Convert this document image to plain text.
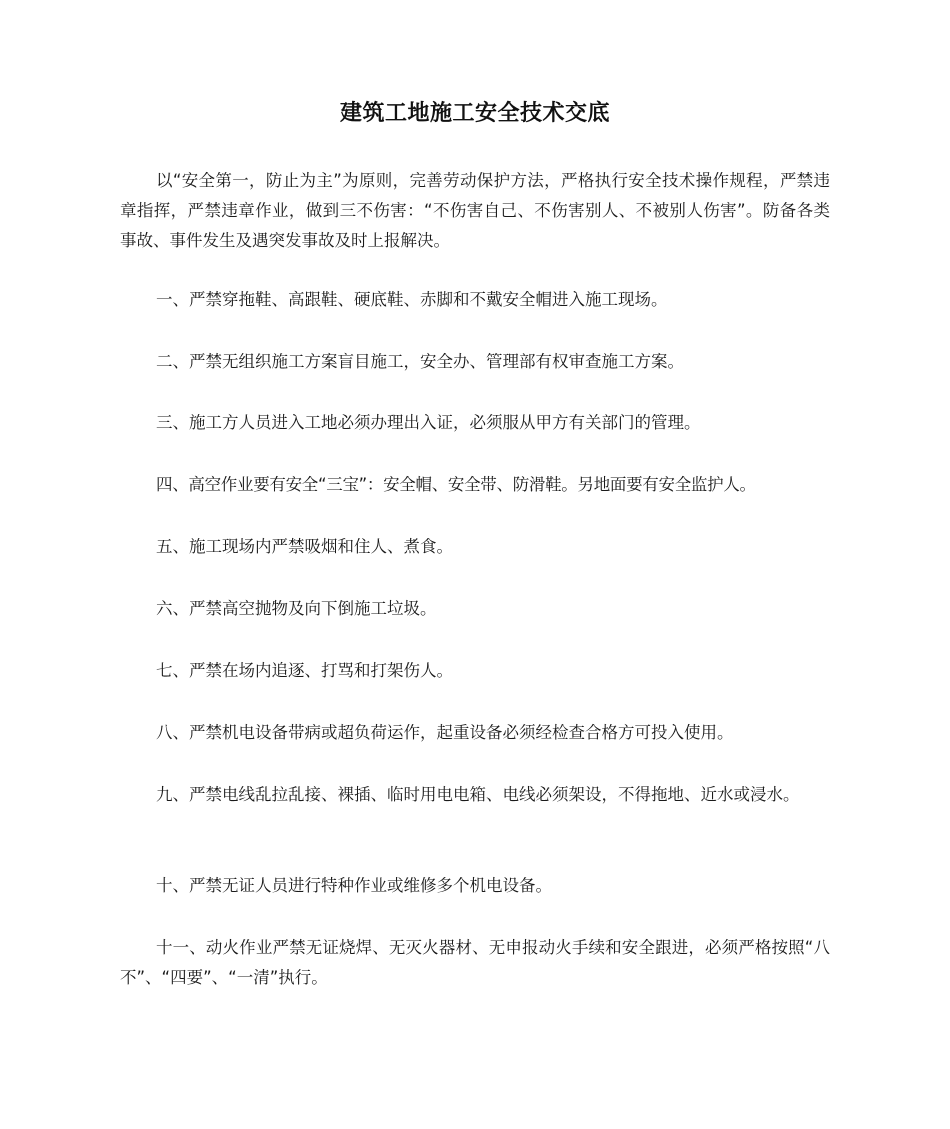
建筑工地施工安全技术交底

以“安全第一，防止为主”为原则，完善劳动保护方法，严格执行安全技术操作规程，严禁违章指挥，严禁违章作业，做到三不伤害：“不伤害自己、不伤害别人、不被别人伤害”。防备各类事故、事件发生及遇突发事故及时上报解决。

一、严禁穿拖鞋、高跟鞋、硬底鞋、赤脚和不戴安全帽进入施工现场。

二、严禁无组织施工方案盲目施工，安全办、管理部有权审查施工方案。

三、施工方人员进入工地必须办理出入证，必须服从甲方有关部门的管理。

四、高空作业要有安全“三宝”：安全帽、安全带、防滑鞋。另地面要有安全监护人。

五、施工现场内严禁吸烟和住人、煮食。

六、严禁高空抛物及向下倒施工垃圾。

七、严禁在场内追逐、打骂和打架伤人。

八、严禁机电设备带病或超负荷运作，起重设备必须经检查合格方可投入使用。

九、严禁电线乱拉乱接、裸插、临时用电电箱、电线必须架设，不得拖地、近水或浸水。

十、严禁无证人员进行特种作业或维修多个机电设备。

十一、动火作业严禁无证烧焊、无灭火器材、无申报动火手续和安全跟进，必须严格按照“八不”、“四要”、“一清”执行。
